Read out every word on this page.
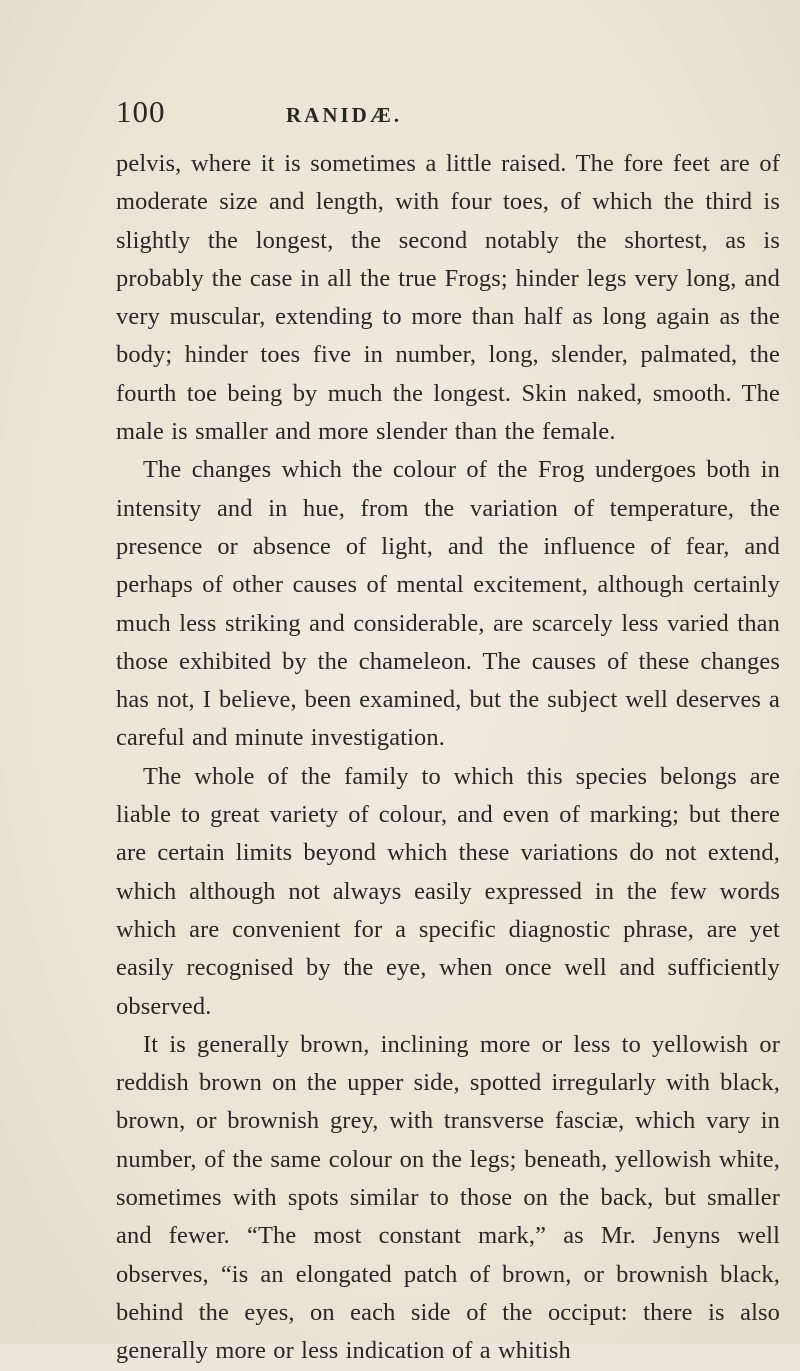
100	RANIDÆ.

pelvis, where it is sometimes a little raised. The fore feet are of moderate size and length, with four toes, of which the third is slightly the longest, the second notably the shortest, as is probably the case in all the true Frogs; hinder legs very long, and very muscular, extending to more than half as long again as the body; hinder toes five in number, long, slender, palmated, the fourth toe being by much the longest. Skin naked, smooth. The male is smaller and more slender than the female.

The changes which the colour of the Frog undergoes both in intensity and in hue, from the variation of temperature, the presence or absence of light, and the influence of fear, and perhaps of other causes of mental excitement, although certainly much less striking and considerable, are scarcely less varied than those exhibited by the chameleon. The causes of these changes has not, I believe, been examined, but the subject well deserves a careful and minute investigation.

The whole of the family to which this species belongs are liable to great variety of colour, and even of marking; but there are certain limits beyond which these variations do not extend, which although not always easily expressed in the few words which are convenient for a specific diagnostic phrase, are yet easily recognised by the eye, when once well and sufficiently observed.

It is generally brown, inclining more or less to yellowish or reddish brown on the upper side, spotted irregularly with black, brown, or brownish grey, with transverse fasciæ, which vary in number, of the same colour on the legs; beneath, yellowish white, sometimes with spots similar to those on the back, but smaller and fewer. “The most constant mark,” as Mr. Jenyns well observes, “is an elongated patch of brown, or brownish black, behind the eyes, on each side of the occiput: there is also generally more or less indication of a whitish
